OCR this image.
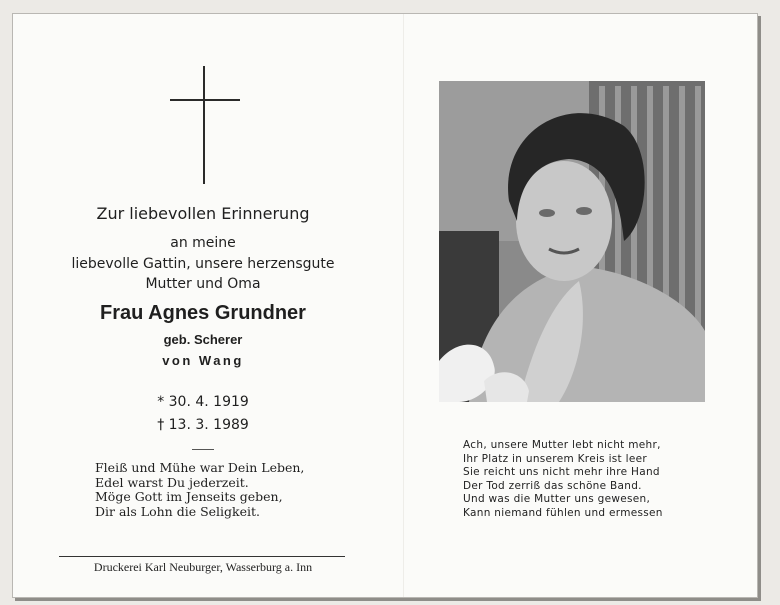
Zur liebevollen Erinnerung
an meine
liebevolle Gattin, unsere herzensgute
Mutter und Oma
Frau Agnes Grundner
geb. Scherer
von Wang
* 30. 4. 1919
† 13. 3. 1989
Fleiß und Mühe war Dein Leben,
Edel warst Du jederzeit.
Möge Gott im Jenseits geben,
Dir als Lohn die Seligkeit.
Druckerei Karl Neuburger, Wasserburg a. Inn
Ach, unsere Mutter lebt nicht mehr,
Ihr Platz in unserem Kreis ist leer
Sie reicht uns nicht mehr ihre Hand
Der Tod zerriß das schöne Band.
Und was die Mutter uns gewesen,
Kann niemand fühlen und ermessen
